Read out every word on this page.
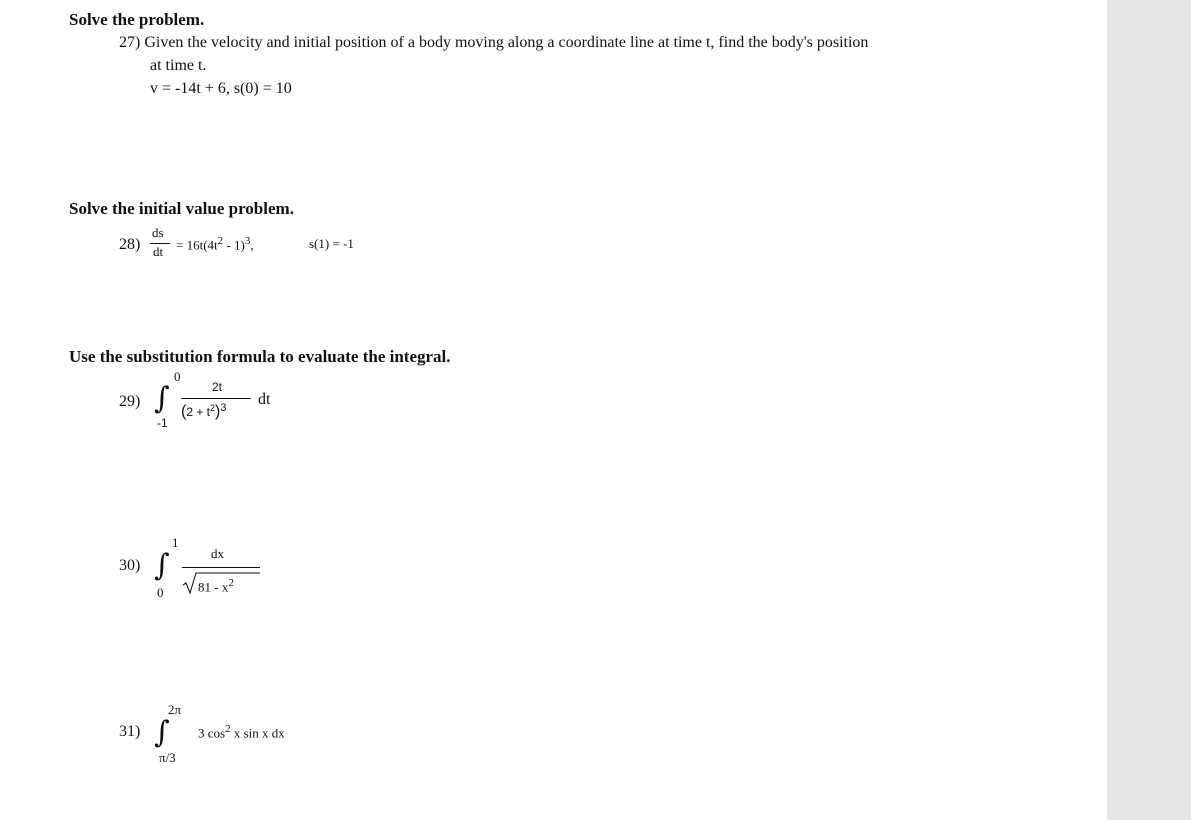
Solve the problem.
27) Given the velocity and initial position of a body moving along a coordinate line at time t, find the body's position
at time t.
v = -14t + 6, s(0) = 10
Solve the initial value problem.
28)
ds
dt = $16t(4t^2 - 1)^3$,	s(1) = -1
Use the substitution formula to evaluate the integral.
29)
0
∫
-1
2t
$(2 + t^2)^3$ dt
30)
1
∫
0
dx
$81 - x^2$
31)
2π
∫
π/3
3 $\cos^2 x$ sin x dx
